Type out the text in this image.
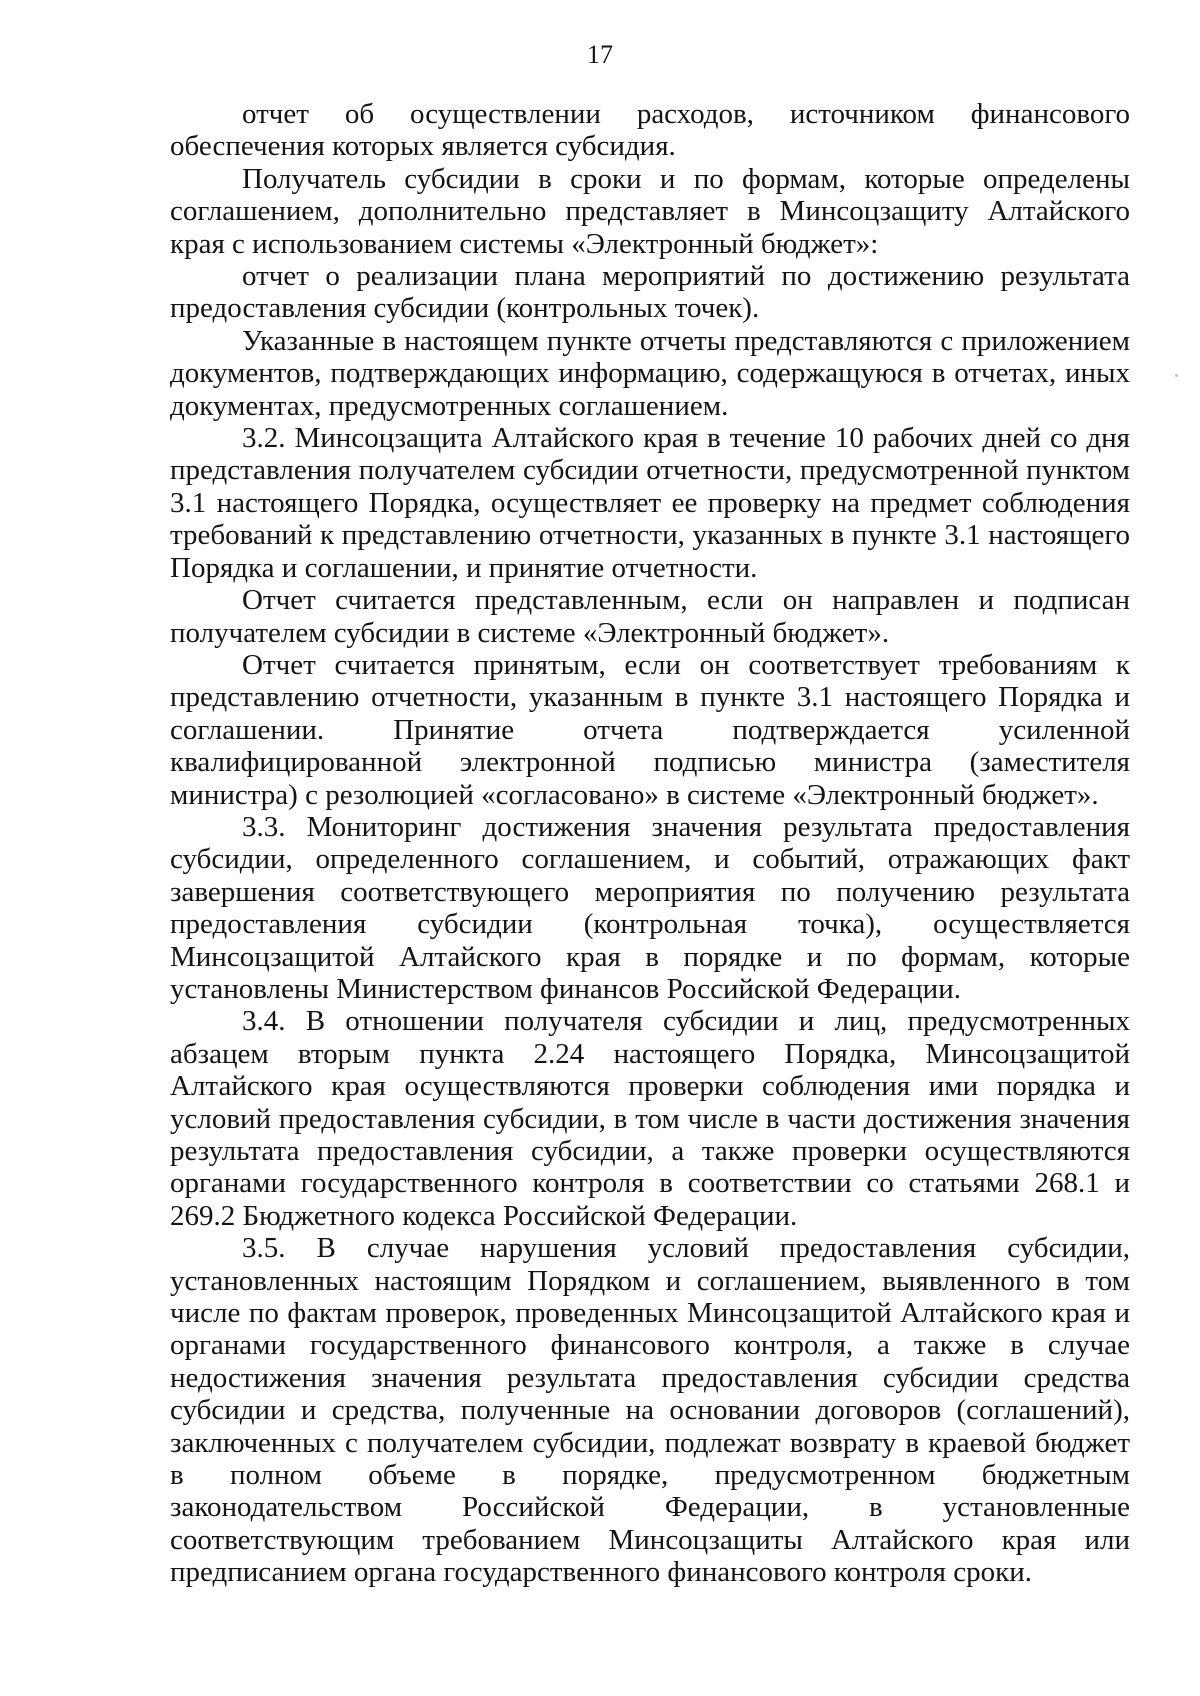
17

отчет об осуществлении расходов, источником финансового обеспечения которых является субсидия.

Получатель субсидии в сроки и по формам, которые определены соглашением, дополнительно представляет в Минсоцзащиту Алтайского края с использованием системы «Электронный бюджет»:

отчет о реализации плана мероприятий по достижению результата предоставления субсидии (контрольных точек).

Указанные в настоящем пункте отчеты представляются с приложением документов, подтверждающих информацию, содержащуюся в отчетах, иных документах, предусмотренных соглашением.

3.2. Минсоцзащита Алтайского края в течение 10 рабочих дней со дня представления получателем субсидии отчетности, предусмотренной пунктом 3.1 настоящего Порядка, осуществляет ее проверку на предмет соблюдения требований к представлению отчетности, указанных в пункте 3.1 настоящего Порядка и соглашении, и принятие отчетности.

Отчет считается представленным, если он направлен и подписан получателем субсидии в системе «Электронный бюджет».

Отчет считается принятым, если он соответствует требованиям к представлению отчетности, указанным в пункте 3.1 настоящего Порядка и соглашении. Принятие отчета подтверждается усиленной квалифицированной электронной подписью министра (заместителя министра) с резолюцией «согласовано» в системе «Электронный бюджет».

3.3. Мониторинг достижения значения результата предоставления субсидии, определенного соглашением, и событий, отражающих факт завершения соответствующего мероприятия по получению результата предоставления субсидии (контрольная точка), осуществляется Минсоцзащитой Алтайского края в порядке и по формам, которые установлены Министерством финансов Российской Федерации.

3.4. В отношении получателя субсидии и лиц, предусмотренных абзацем вторым пункта 2.24 настоящего Порядка, Минсоцзащитой Алтайского края осуществляются проверки соблюдения ими порядка и условий предоставления субсидии, в том числе в части достижения значения результата предоставления субсидии, а также проверки осуществляются органами государственного контроля в соответствии со статьями 268.1 и 269.2 Бюджетного кодекса Российской Федерации.

3.5. В случае нарушения условий предоставления субсидии, установленных настоящим Порядком и соглашением, выявленного в том числе по фактам проверок, проведенных Минсоцзащитой Алтайского края и органами государственного финансового контроля, а также в случае недостижения значения результата предоставления субсидии средства субсидии и средства, полученные на основании договоров (соглашений), заключенных с получателем субсидии, подлежат возврату в краевой бюджет в полном объеме в порядке, предусмотренном бюджетным законодательством Российской Федерации, в установленные соответствующим требованием Минсоцзащиты Алтайского края или предписанием органа государственного финансового контроля сроки.
